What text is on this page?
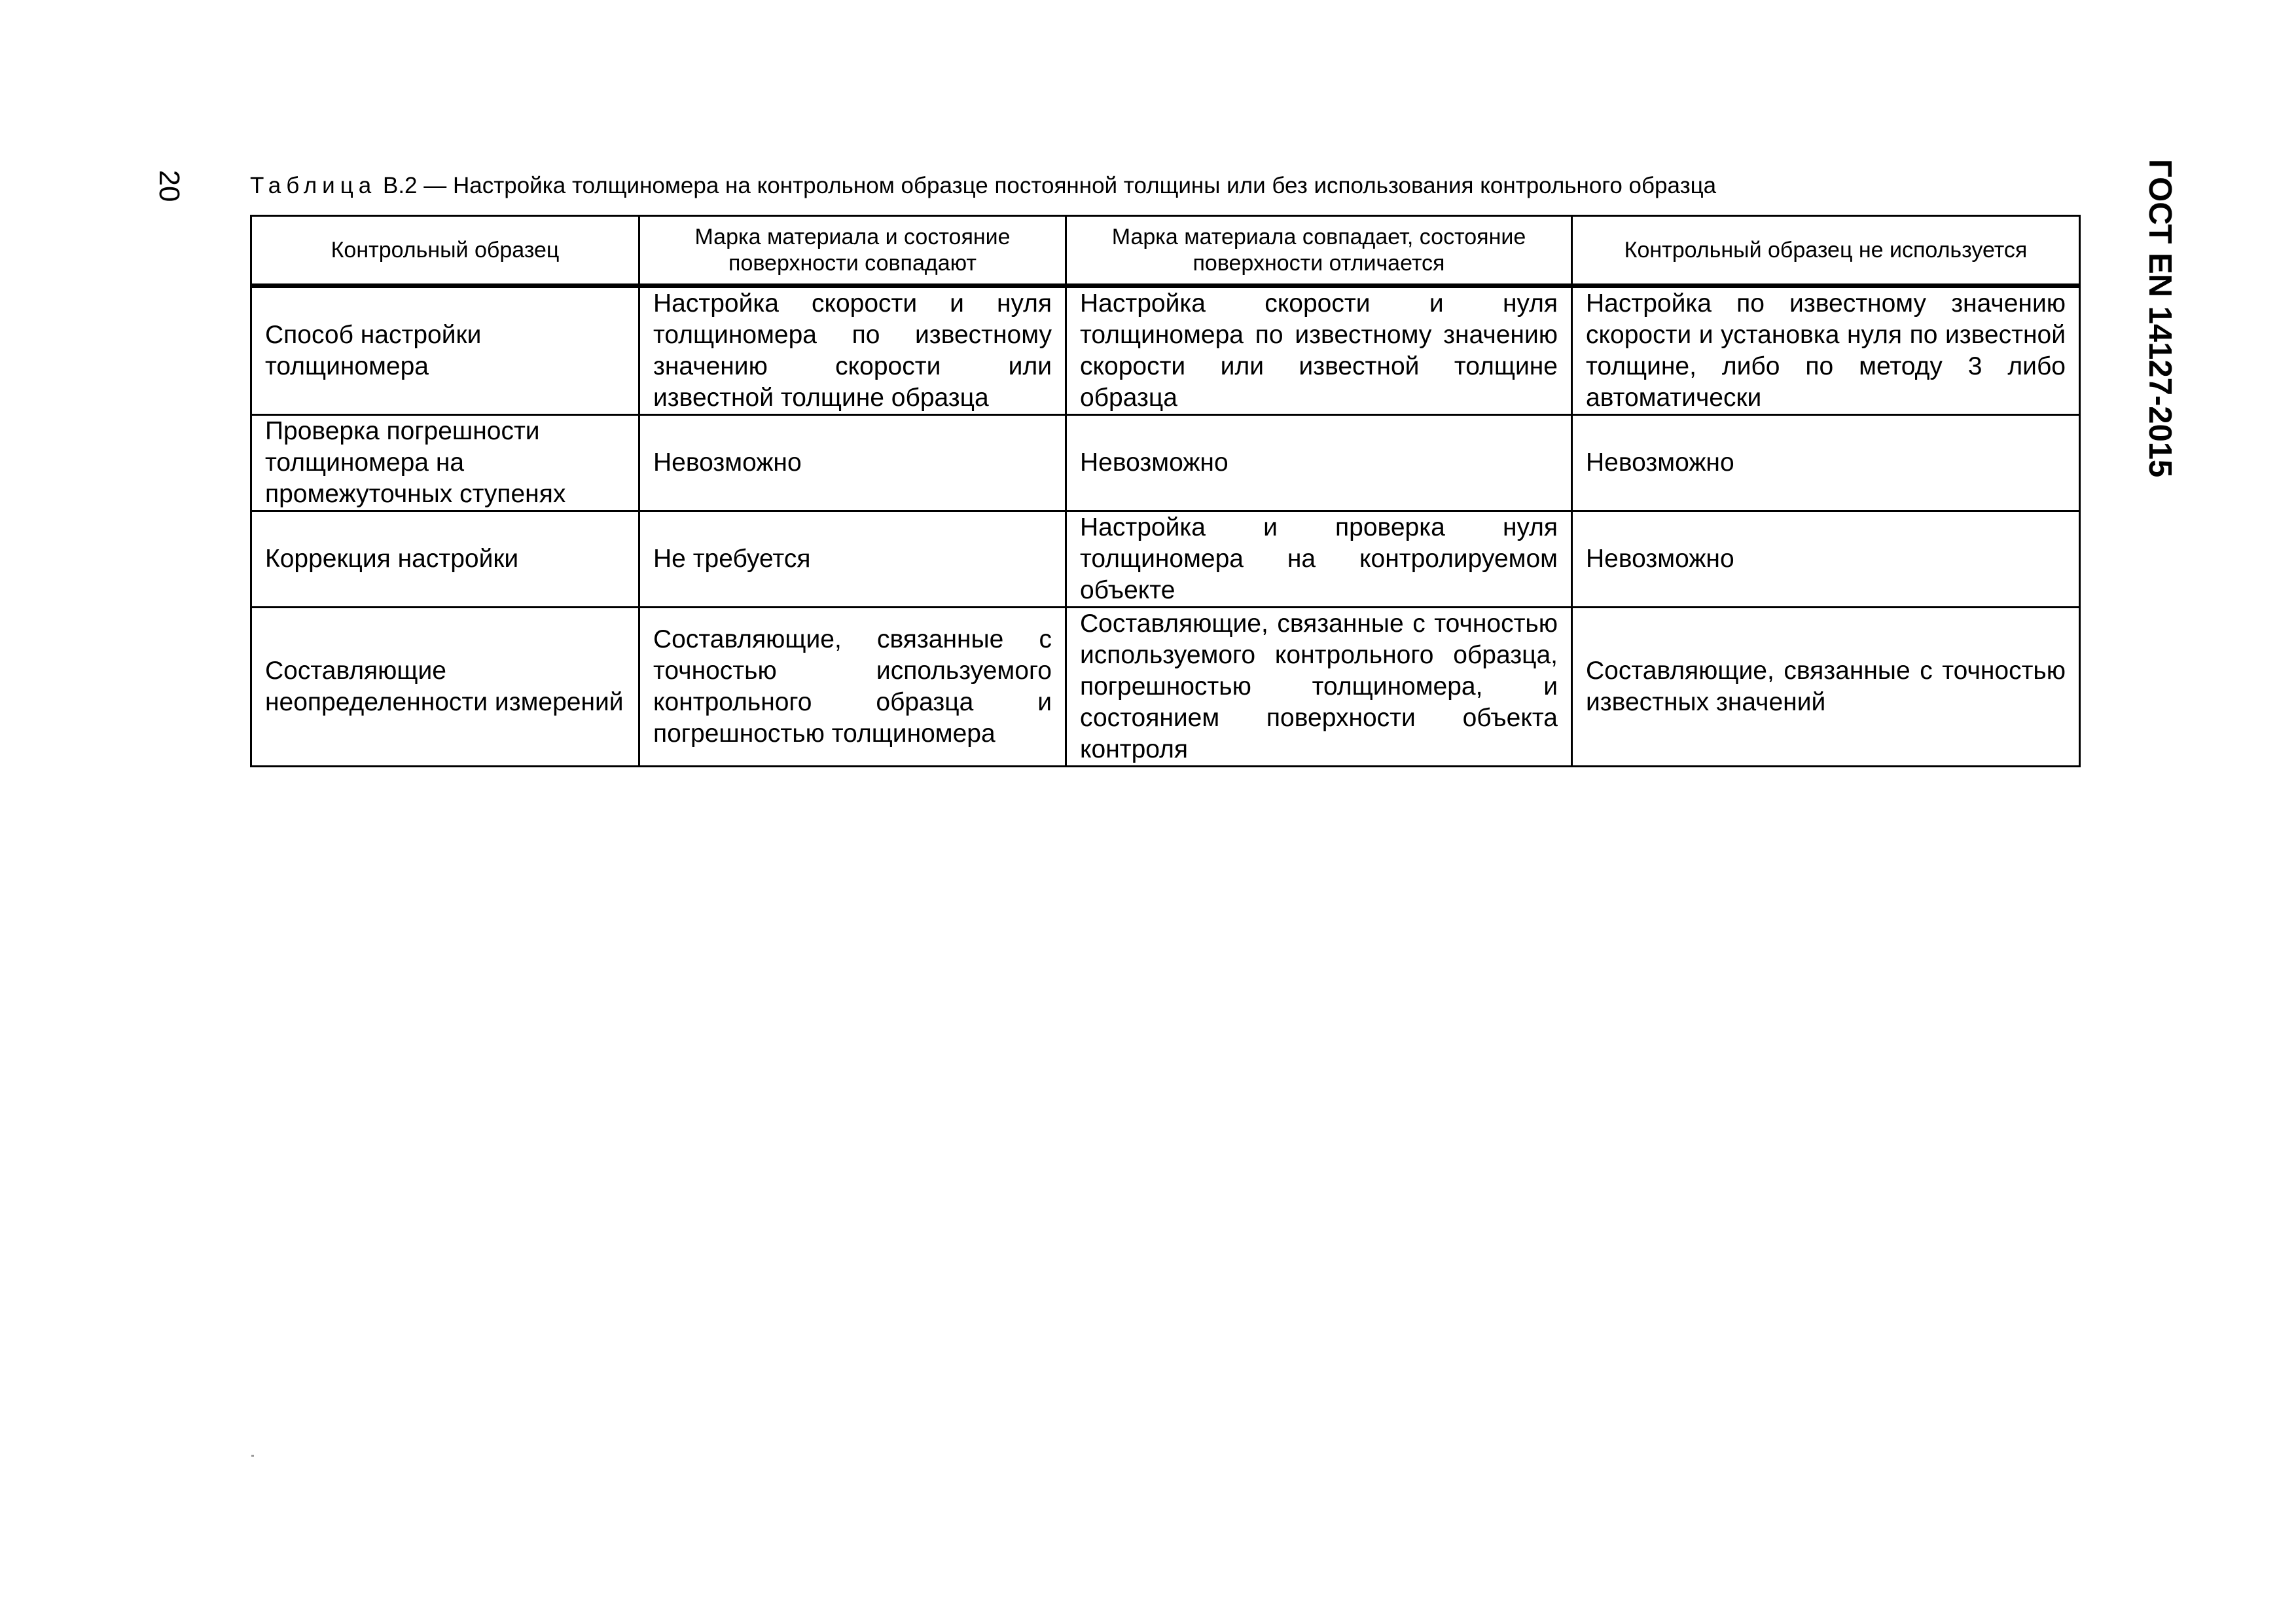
20	ГОСТ EN 14127-2015
Таблица В.2 — Настройка толщиномера на контрольном образце постоянной толщины или без использования контрольного образца
Контрольный образец	Марка материала и состояние поверхности совпадают	Марка материала совпадает, состояние поверхности отличается	Контрольный образец не используется
Способ настройки толщиномера	Настройка скорости и нуля толщиномера по известному значению скорости или известной толщине образца	Настройка скорости и нуля толщиномера по известному значению скорости или известной толщине образца	Настройка по известному значению скорости и установка нуля по известной толщине, либо по методу 3 либо автоматически
Проверка погрешности толщиномера на промежуточных ступенях	Невозможно	Невозможно	Невозможно
Коррекция настройки	Не требуется	Настройка и проверка нуля толщиномера на контролируемом объекте	Невозможно
Составляющие неопределенности измерений	Составляющие, связанные с точностью используемого контрольного образца и погрешностью толщиномера	Составляющие, связанные с точностью используемого контрольного образца, погрешностью толщиномера, и состоянием поверхности объекта контроля	Составляющие, связанные с точностью известных значений
